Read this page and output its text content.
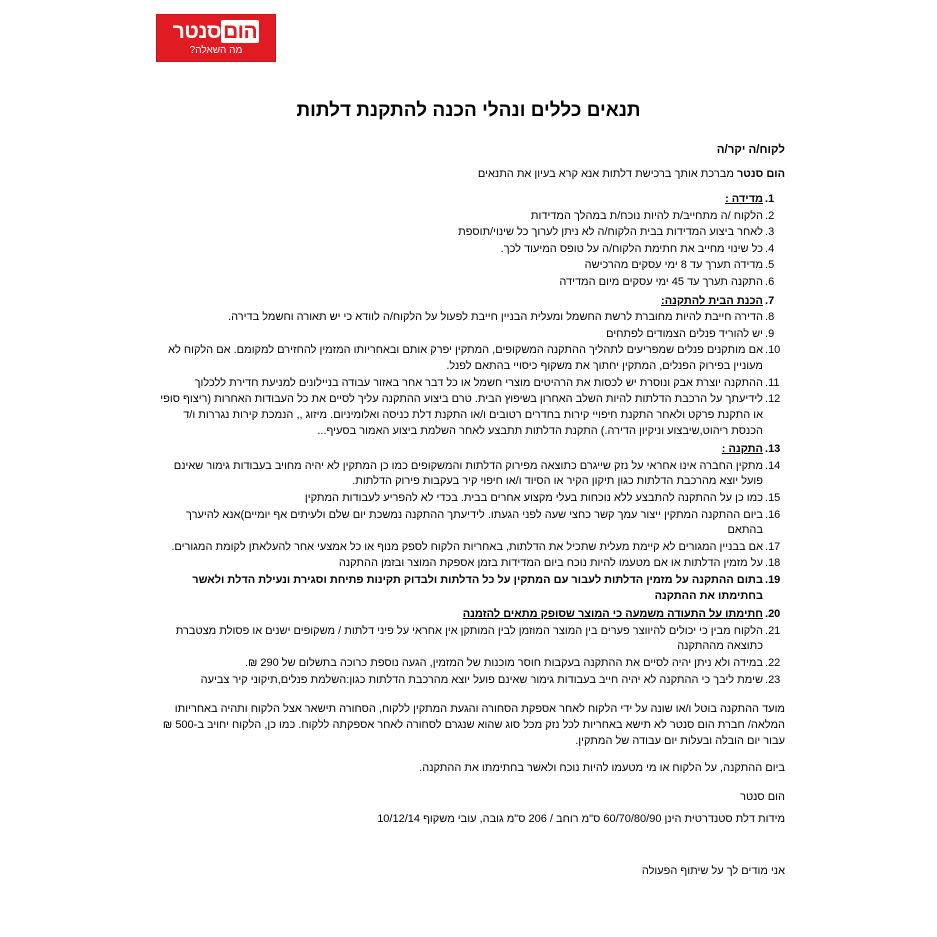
הוםסנטר
מה השאלה?
תנאים כללים ונהלי הכנה להתקנת דלתות
לקוח/ה יקר/ה
הום סנטר מברכת אותך ברכישת דלתות אנא קרא בעיון את התנאים
מדידה :
הלקוח /ה מתחייב/ת להיות נוכח/ת במהלך המדידות
לאחר ביצוע המדידות בבית הלקוח/ה לא ניתן לערוך כל שינוי/תוספת
כל שינוי מחייב את חתימת הלקוח/ה על טופס המיעוד לכך.
מדידה תערך עד 8 ימי עסקים מהרכישה
התקנה תערך עד 45 ימי עסקים מיום המדידה
הכנת הבית להתקנה:
הדירה חייבת להיות מחוברת לרשת החשמל ומעלית הבניין חייבת לפעול על הלקוח/ה לוודא כי יש תאורה וחשמל בדירה.
יש להוריד פנלים הצמודים לפתחים
אם מותקנים פנלים שמפריעים לתהליך ההתקנה המשקופים, המתקין יפרק אותם ובאחריותו המזמין להחזירם למקומם. אם הלקוח לא מעוניין בפירוק הפנלים, המתקין יחתוך את משקוף כיסויי בהתאם לפנל.
ההתקנה יוצרת אבק ונוסרת יש לכסות את הרהיטים מוצרי חשמל או כל דבר אחר באזור עבודה בניילונים למניעת חדירת ללכלוך
לידיעתך על הרכבת הדלתות להיות השלב האחרון בשיפוץ הבית. טרם ביצוע ההתקנה עליך לסיים את כל העבודות האחרות (ריצוף סופי או התקנת פרקט ולאחר התקנת חיפויי קירות בחדרים רטובים ו/או התקנת דלת כניסה ואלומיניום. מיזוג ,, הנמכת קירות נגררות ו/ד הכנסת ריהוט,שיבצוע וניקיון הדירה.) התקנת הדלתות תתבצע לאחר השלמת ביצוע האמור בסעיף...
התקנה :
מתקין החברה אינו אחראי על נזק שייגרם כתוצאה מפירוק הדלתות והמשקופים כמו כן המתקין לא יהיה מחויב בעבודות גימור שאינם פועל יוצא מהרכבת הדלתות כגון תיקון הקיר או הסיוד ו/או חיפוי קיר בעקבות פירוק הדלתות.
כמו כן על ההתקנה להתבצע ללא נוכחות בעלי מקצוע אחרים בבית. בכדי לא להפריע לעבודות המתקין
ביום ההתקנה המתקין ייצור עמך קשר כחצי שעה לפני הגעתו. לידיעתך ההתקנה נמשכת יום שלם ולעיתים אף יומיים)אנא להיערך בהתאם
אם בבניין המגורים לא קיימת מעלית שתכיל את הדלתות, באחריות הלקוח לספק מנוף או כל אמצעי אחר להעלאתן לקומת המגורים.
על מזמין הדלתות או אם מטעמו להיות נוכח ביום המדידות בזמן אספקת המוצר ובזמן ההתקנה
בתום ההתקנה על מזמין הדלתות לעבור עם המתקין על כל הדלתות ולבדוק תקינות פתיחת וסגירת ונעילת הדלת ולאשר בחתימתו את ההתקנה
חתימתו על התעודה משמעה כי המוצר שסופק מתאים להזמנה
הלקוח מבין כי יכולים להיווצר פערים בין המוצר המוזמן לבין המותקן אין אחראי על פיני דלתות / משקופים ישנים או פסולת מצטברת כתוצאה מההתקנה
במידה ולא ניתן יהיה לסיים את ההתקנה בעקבות חוסר מוכנות של המזמין, הגעה נוספת כרוכה בתשלום של 290 ₪.
שימת ליבך כי ההתקנה לא יהיה חייב בעבודות גימור שאינם פועל יוצא מהרכבת הדלתות כגון:השלמת פנלים,תיקוני קיר צביעה

מועד ההתקנה בוטל ו/או שונה על ידי הלקוח לאחר אספקת הסחורה והגעת המתקין ללקוח, הסחורה תישאר אצל הלקוח ותהיה באחריותו המלאה/ חברת הום סנטר לא תישא באחריות לכל נזק מכל סוג שהוא שנגרם לסחורה לאחר אספקתה ללקוח. כמו כן, הלקוח יחויב ב-500 ₪ עבור יום הובלה ובעלות יום עבודה של המתקין.

ביום ההתקנה, על הלקוח או מי מטעמו להיות נוכח ולאשר בחתימתו את ההתקנה.

הום סנטר
מידות דלת סטנדרטית הינן 60/70/80/90 ס"מ רוחב / 206 ס"מ גובה, עובי משקוף 10/12/14
אני מודים לך על שיתוף הפעולה
